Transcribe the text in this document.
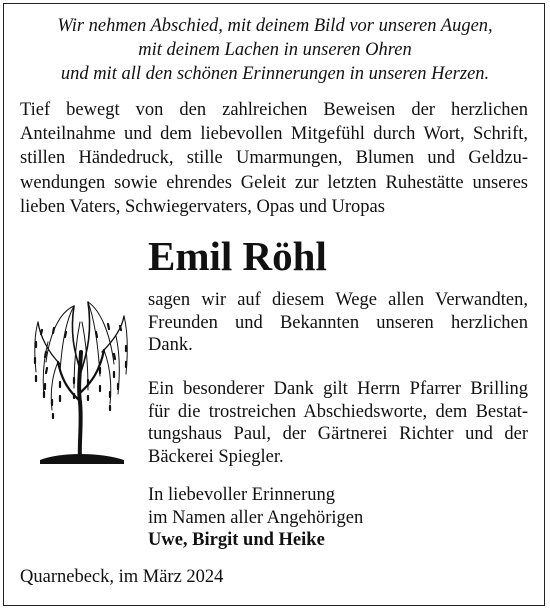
Wir nehmen Abschied, mit deinem Bild vor unseren Augen,
mit deinem Lachen in unseren Ohren
und mit all den schönen Erinnerungen in unseren Herzen.
Tief bewegt von den zahlreichen Beweisen der herzlichen
Anteilnahme und dem liebevollen Mitgefühl durch Wort, Schrift,
stillen Händedruck, stille Umarmungen, Blumen und Geldzu-
wendungen sowie ehrendes Geleit zur letzten Ruhestätte unseres
lieben Vaters, Schwiegervaters, Opas und Uropas
Emil Röhl
sagen wir auf diesem Wege allen Verwandten,
Freunden und Bekannten unseren herzlichen
Dank.
Ein besonderer Dank gilt Herrn Pfarrer Brilling
für die trostreichen Abschiedsworte, dem Bestat-
tungshaus Paul, der Gärtnerei Richter und der
Bäckerei Spiegler.
In liebevoller Erinnerung
im Namen aller Angehörigen
Uwe, Birgit und Heike
Quarnebeck, im März 2024
